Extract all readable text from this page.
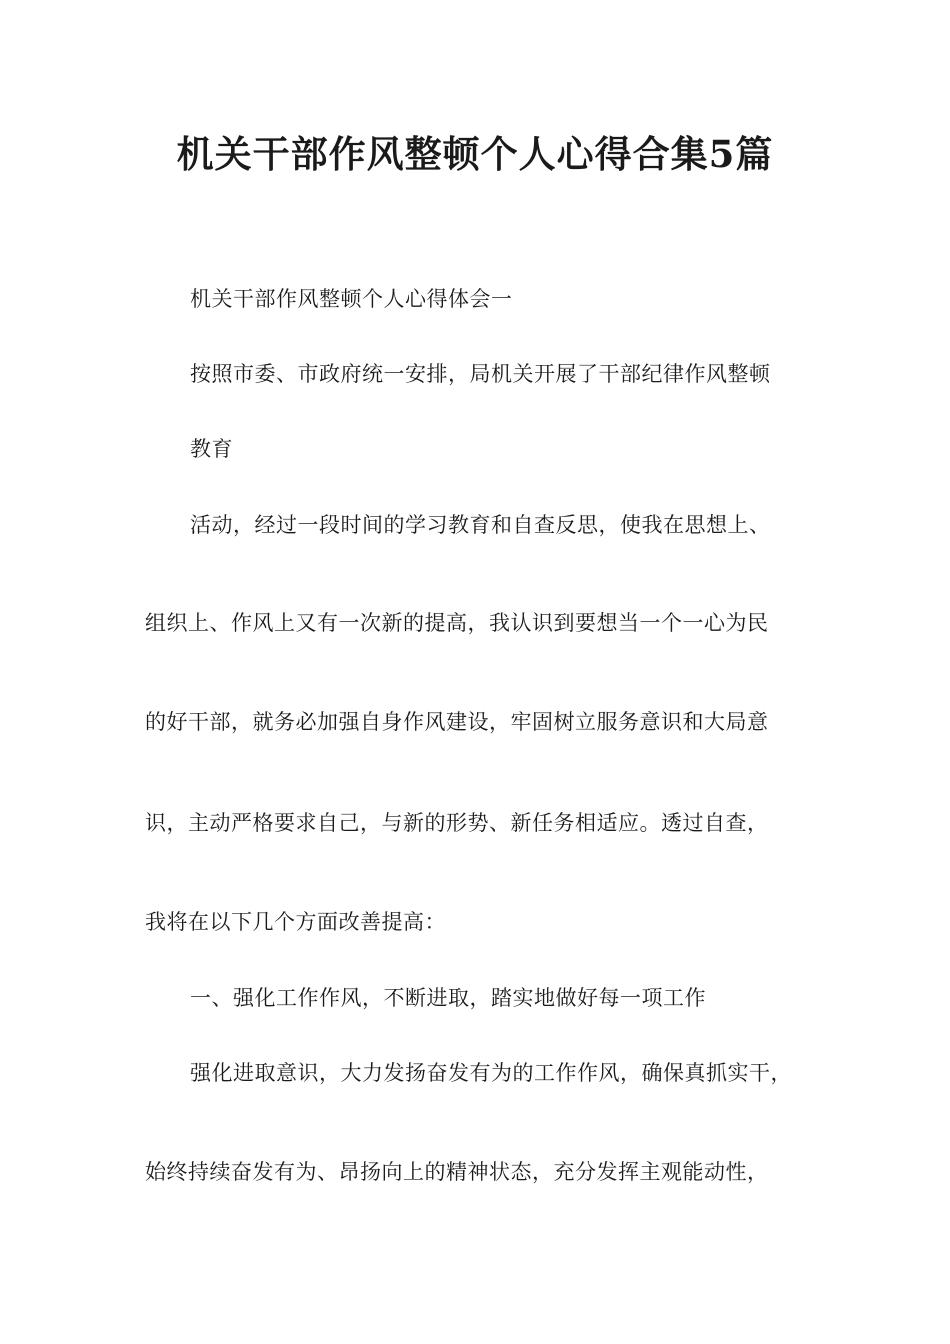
机关干部作风整顿个人心得合集5篇
机关干部作风整顿个人心得体会一
按照市委、市政府统一安排，局机关开展了干部纪律作风整顿
教育
活动，经过一段时间的学习教育和自查反思，使我在思想上、
组织上、作风上又有一次新的提高，我认识到要想当一个一心为民
的好干部，就务必加强自身作风建设，牢固树立服务意识和大局意
识，主动严格要求自己，与新的形势、新任务相适应。透过自查，
我将在以下几个方面改善提高：
一、强化工作作风，不断进取，踏实地做好每一项工作
强化进取意识，大力发扬奋发有为的工作作风，确保真抓实干，
始终持续奋发有为、昂扬向上的精神状态，充分发挥主观能动性，
